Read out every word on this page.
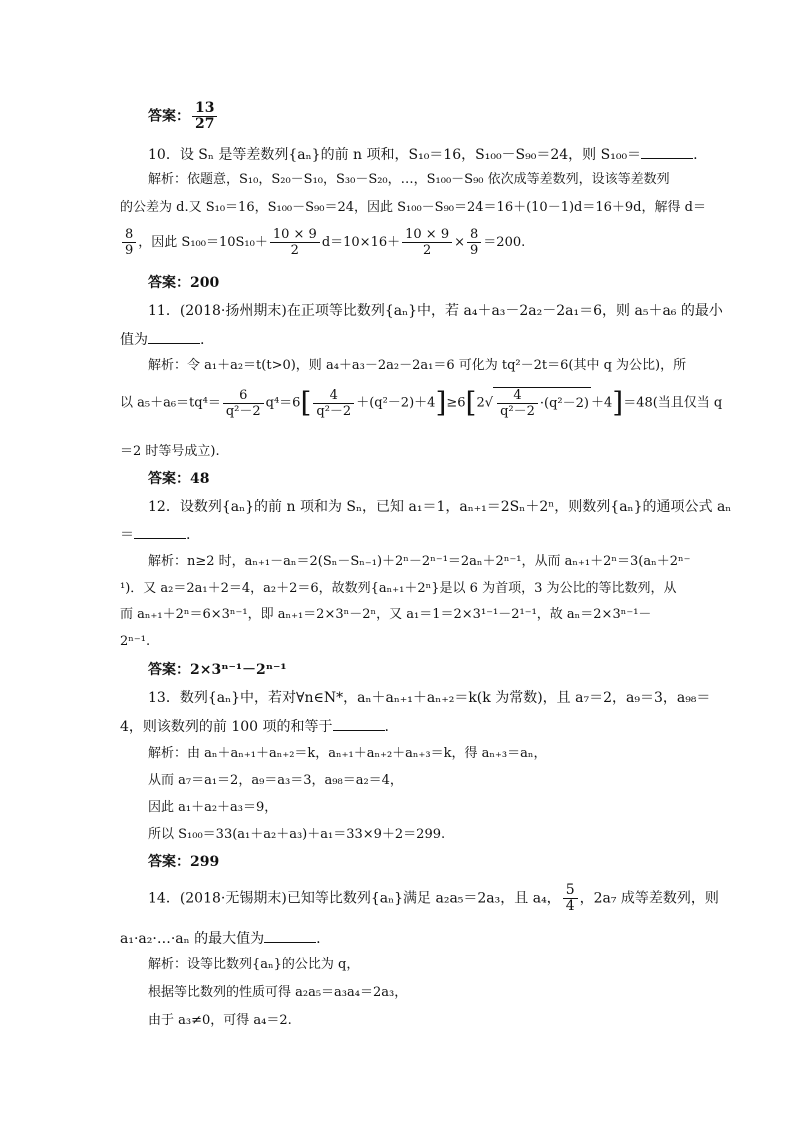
答案： $\frac{13}{27}$
10．设 Sₙ 是等差数列{aₙ}的前 n 项和，S₁₀＝16，S₁₀₀－S₉₀＝24，则 S₁₀₀＝	.
解析：依题意，S₁₀，S₂₀－S₁₀，S₃₀－S₂₀，…，S₁₀₀－S₉₀ 依次成等差数列，设该等差数列
的公差为 d.又 S₁₀＝16，S₁₀₀－S₉₀＝24，因此 S₁₀₀－S₉₀＝24＝16＋(10－1)d＝16＋9d，解得 d＝
$\frac{8}{9}$ ，因此 $S_{100}=10S_{10}+ \frac{10 \times 9}{2} d=10\times 16+ \frac{10 \times 9}{2} \times \frac{8}{9} =200$.
答案：200
11．(2018·扬州期末)在正项等比数列{aₙ}中，若 a₄＋a₃－2a₂－2a₁＝6，则 a₅＋a₆ 的最小
值为	.
解析：令 a₁＋a₂＝t(t>0)，则 a₄＋a₃－2a₂－2a₁＝6 可化为 tq²－2t＝6(其中 q 为公比)，所
以 $a_5+a_6=tq^4= \frac{6}{\text{q²－2}} q^4=6[ \frac{4}{\text{q²－2}} +(q^2-2)+4]\ge 6[2√ \frac{4}{\text{q²－2}} \cdot(q^2-2) +4]=48$(当且仅当 q
＝2 时等号成立).
答案：48
12．设数列{aₙ}的前 n 项和为 Sₙ，已知 a₁＝1，aₙ₊₁＝2Sₙ＋2ⁿ，则数列{aₙ}的通项公式 aₙ
＝	.
解析：n≥2 时，aₙ₊₁－aₙ＝2(Sₙ－Sₙ₋₁)＋2ⁿ－2ⁿ⁻¹＝2aₙ＋2ⁿ⁻¹，从而 aₙ₊₁＋2ⁿ＝3(aₙ＋2ⁿ⁻
¹)．又 a₂＝2a₁＋2＝4，a₂＋2＝6，故数列{aₙ₊₁＋2ⁿ}是以 6 为首项，3 为公比的等比数列，从
而 aₙ₊₁＋2ⁿ＝6×3ⁿ⁻¹，即 aₙ₊₁＝2×3ⁿ－2ⁿ，又 a₁＝1＝2×3¹⁻¹－2¹⁻¹，故 aₙ＝2×3ⁿ⁻¹－
2ⁿ⁻¹.
答案：2×3ⁿ⁻¹－2ⁿ⁻¹
13．数列{aₙ}中，若对∀n∈N*，aₙ＋aₙ₊₁＋aₙ₊₂＝k(k 为常数)，且 a₇＝2，a₉＝3，a₉₈＝
4，则该数列的前 100 项的和等于	.
解析：由 aₙ＋aₙ₊₁＋aₙ₊₂＝k，aₙ₊₁＋aₙ₊₂＋aₙ₊₃＝k，得 aₙ₊₃＝aₙ，
从而 a₇＝a₁＝2，a₉＝a₃＝3，a₉₈＝a₂＝4，
因此 a₁＋a₂＋a₃＝9，
所以 S₁₀₀＝33(a₁＋a₂＋a₃)＋a₁＝33×9＋2＝299.
答案：299
14．(2018·无锡期末)已知等比数列{aₙ}满足 a₂a₅＝2a₃，且 a₄， $\frac{5}{4}$ ，2a₇ 成等差数列，则
a₁·a₂·…·aₙ 的最大值为	.
解析：设等比数列{aₙ}的公比为 q，
根据等比数列的性质可得 a₂a₅＝a₃a₄＝2a₃，
由于 a₃≠0，可得 a₄＝2.
